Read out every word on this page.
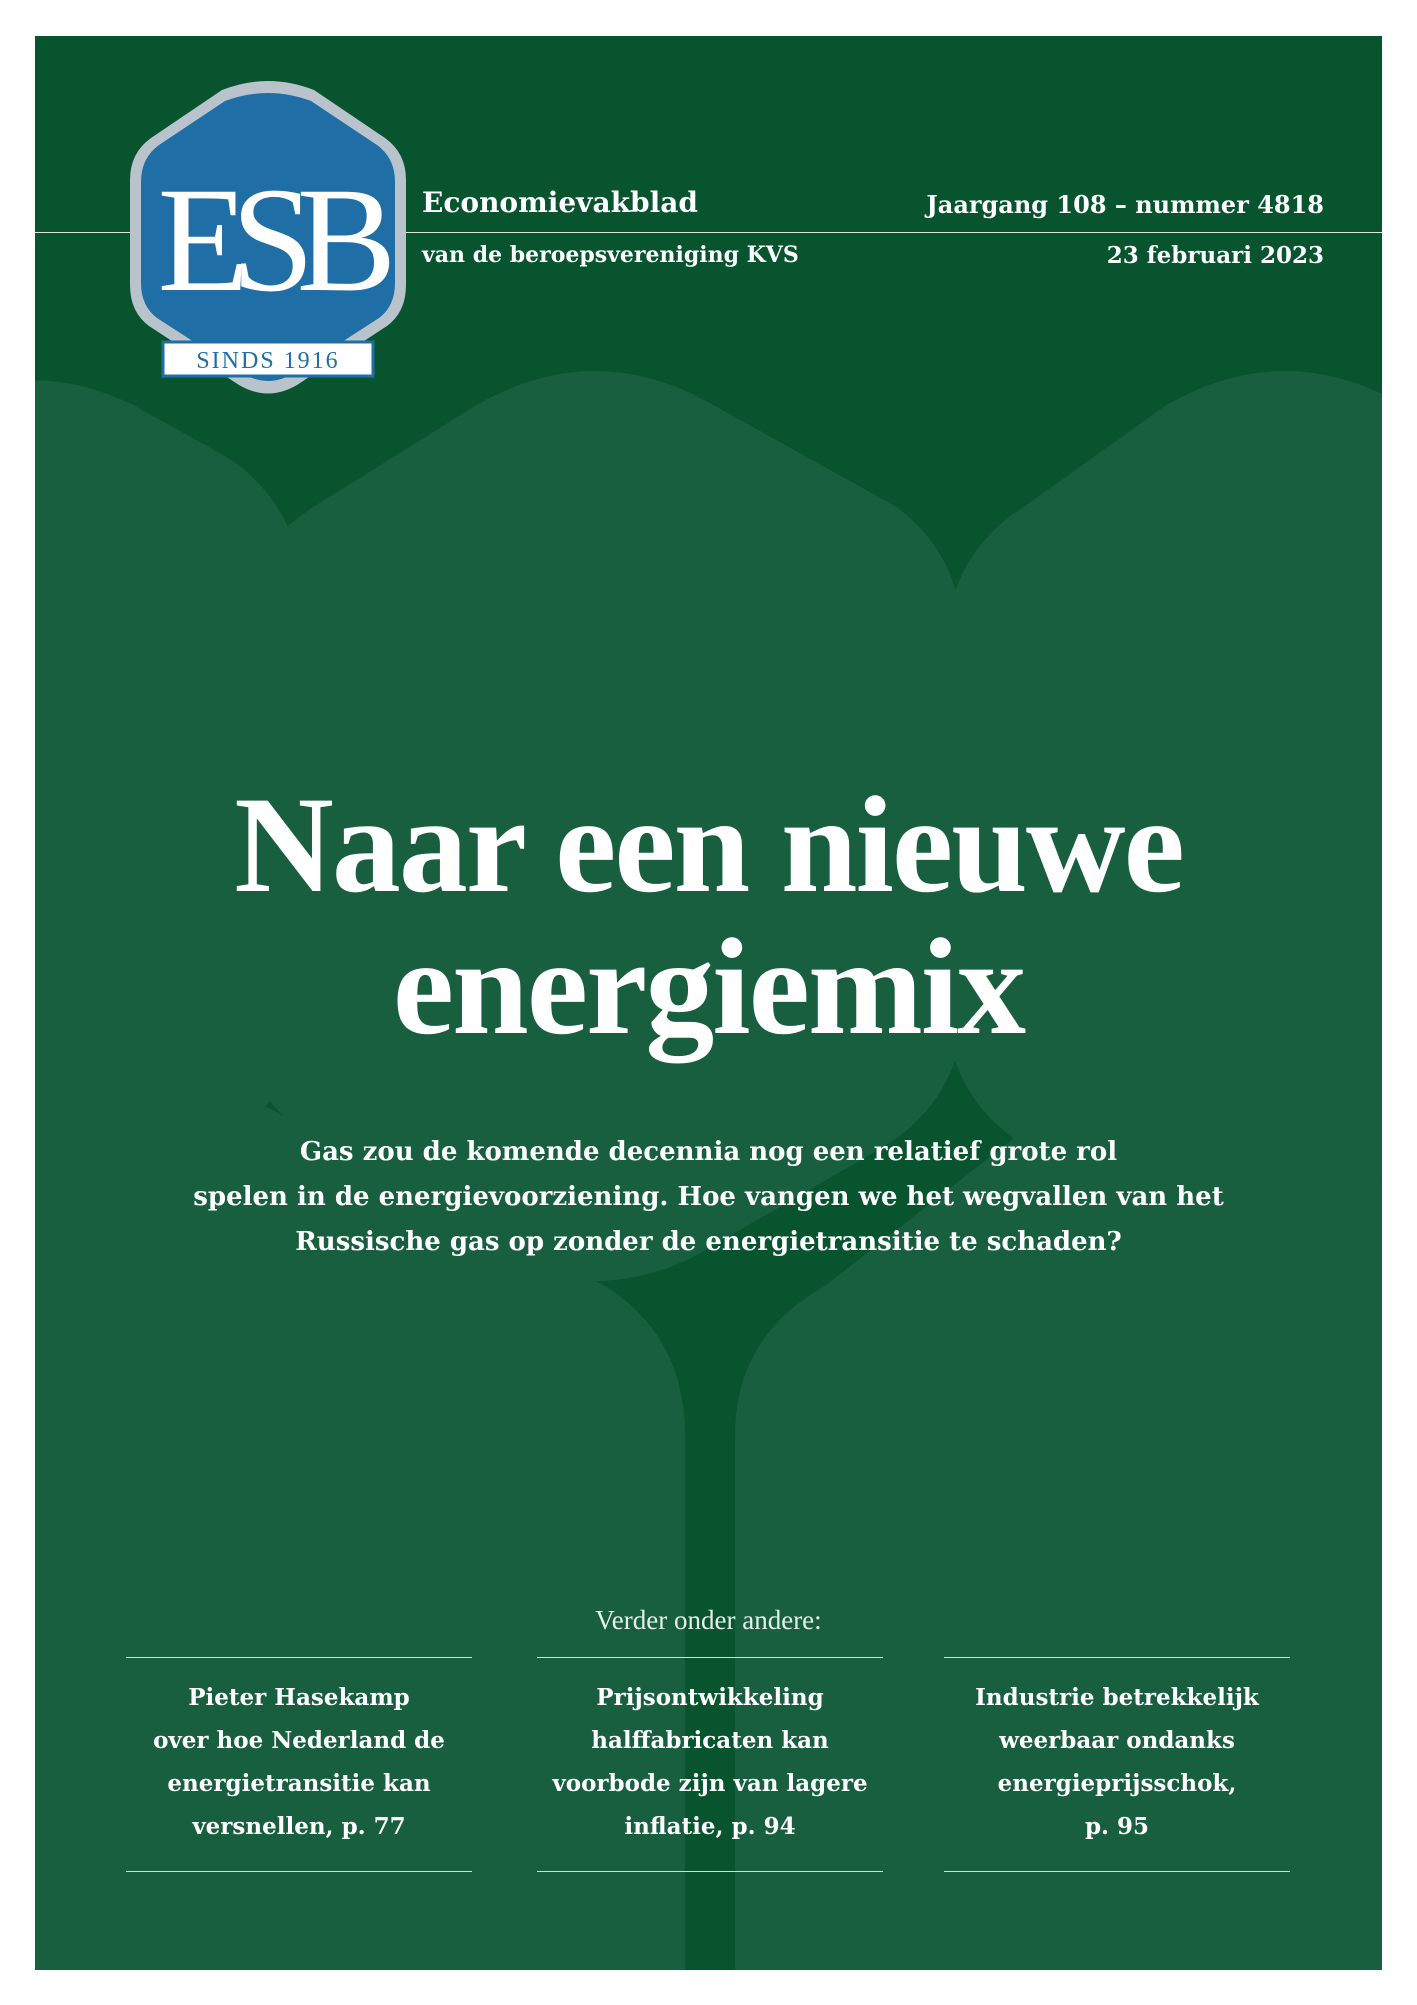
ESB
SINDS 1916
Economievakblad
van de beroepsvereniging KVS
Jaargang 108 – nummer 4818
23 februari 2023
Naar een nieuwe
energiemix
Gas zou de komende decennia nog een relatief grote rol
spelen in de energievoorziening. Hoe vangen we het wegvallen van het
Russische gas op zonder de energietransitie te schaden?
Verder onder andere:
Pieter Hasekamp
over hoe Nederland de
energietransitie kan
versnellen, p. 77
Prijsontwikkeling
halffabricaten kan
voorbode zijn van lagere
inflatie, p. 94
Industrie betrekkelijk
weerbaar ondanks
energieprijsschok,
p. 95
